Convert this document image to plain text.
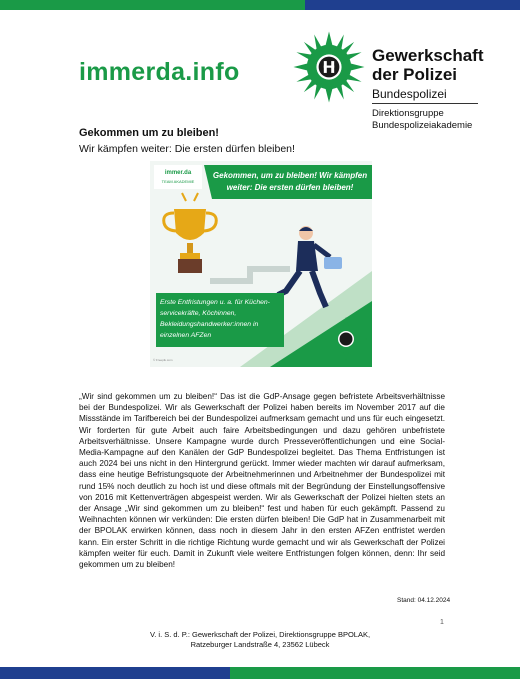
immerda.info
Gewerkschaft
der Polizei
Bundespolizei
Direktionsgruppe
Bundespolizeiakademie
Gekommen um zu bleiben!
Wir kämpfen weiter: Die ersten dürfen bleiben!
immer.da
TEAM AKADEMIE
Gekommen, um zu bleiben! Wir kämpfen
weiter: Die ersten dürfen bleiben!
Erste Entfristungen u. a. für Küchen-
servicekräfte, Köchinnen,
Bekleidungshandwerker:innen in
einzelnen AFZen
© Freepik.com
„Wir sind gekommen um zu bleiben!“ Das ist die GdP-Ansage gegen befristete Arbeitsverhältnisse bei der Bundespolizei. Wir als Gewerkschaft der Polizei haben bereits im November 2017 auf die Missstände im Tarifbereich bei der Bundespolizei aufmerksam gemacht und uns für euch eingesetzt. Wir forderten für gute Arbeit auch faire Arbeitsbedingungen und dazu gehören unbefristete Arbeitsverhältnisse. Unsere Kampagne wurde durch Presseveröffentlichungen und eine Social-Media-Kampagne auf den Kanälen der GdP Bundespolizei begleitet. Das Thema Entfristungen ist auch 2024 bei uns nicht in den Hintergrund gerückt. Immer wieder machten wir darauf aufmerksam, dass eine heutige Befristungsquote der Arbeitnehmerinnen und Arbeitnehmer der Bundespolizei mit rund 15% noch deutlich zu hoch ist und diese oftmals mit der Begründung der Einstellungsoffensive von 2016 mit Kettenverträgen abgespeist werden. Wir als Gewerkschaft der Polizei hielten stets an der Ansage „Wir sind gekommen um zu bleiben!“ fest und haben für euch gekämpft. Passend zu Weihnachten können wir verkünden: Die ersten dürfen bleiben! Die GdP hat in Zusammenarbeit mit der BPOLAK erwirken können, dass noch in diesem Jahr in den ersten AFZen entfristet werden kann. Ein erster Schritt in die richtige Richtung wurde gemacht und wir als Gewerkschaft der Polizei kämpfen weiter für euch. Damit in Zukunft viele weitere Entfristungen folgen können, denn: Ihr seid gekommen um zu bleiben!
Stand: 04.12.2024
1
V. i. S. d. P.: Gewerkschaft der Polizei, Direktionsgruppe BPOLAK,
Ratzeburger Landstraße 4, 23562 Lübeck
